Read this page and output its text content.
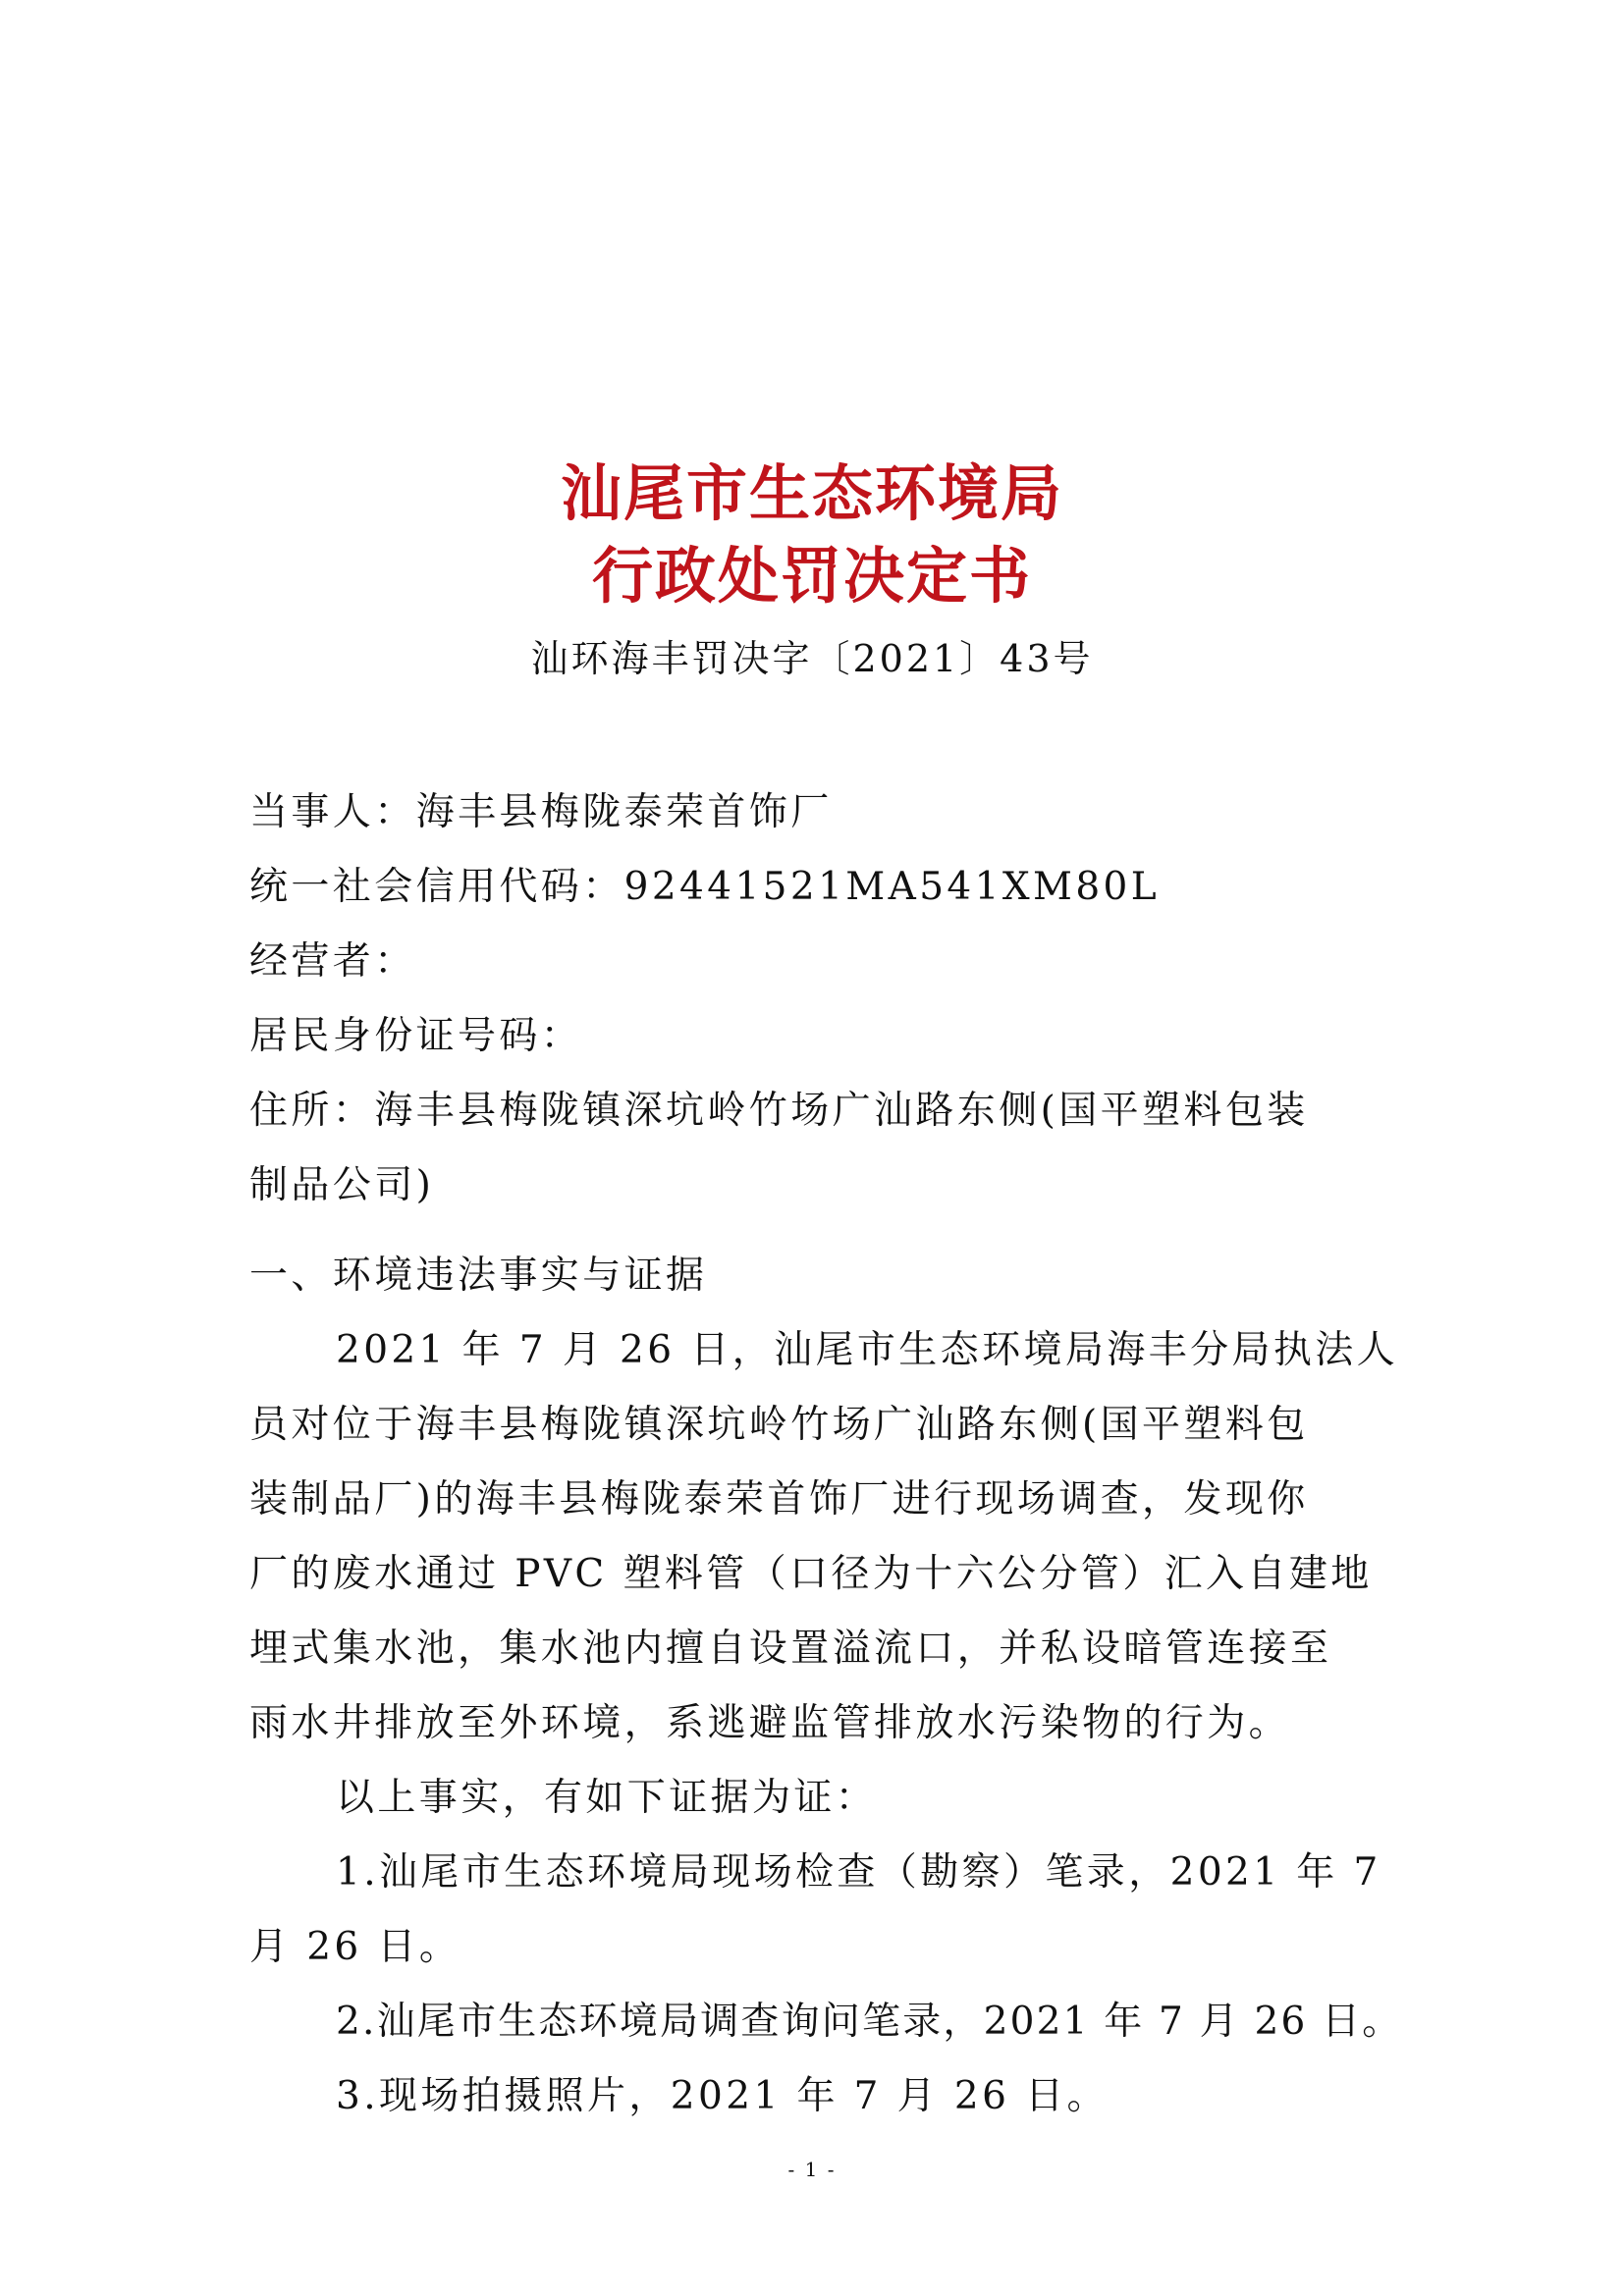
汕尾市生态环境局
行政处罚决定书
汕环海丰罚决字〔2021〕43号
当事人：海丰县梅陇泰荣首饰厂
统一社会信用代码：92441521MA541XM80L
经营者：
居民身份证号码：
住所：海丰县梅陇镇深坑岭竹场广汕路东侧(国平塑料包装
制品公司)
一、环境违法事实与证据
2021 年 7 月 26 日，汕尾市生态环境局海丰分局执法人
员对位于海丰县梅陇镇深坑岭竹场广汕路东侧(国平塑料包
装制品厂)的海丰县梅陇泰荣首饰厂进行现场调查，发现你
厂的废水通过 PVC 塑料管（口径为十六公分管）汇入自建地
埋式集水池，集水池内擅自设置溢流口，并私设暗管连接至
雨水井排放至外环境，系逃避监管排放水污染物的行为。
以上事实，有如下证据为证：
1.汕尾市生态环境局现场检查（勘察）笔录，2021 年 7
月 26 日。
2.汕尾市生态环境局调查询问笔录，2021 年 7 月 26 日。
3.现场拍摄照片，2021 年 7 月 26 日。
- 1 -
